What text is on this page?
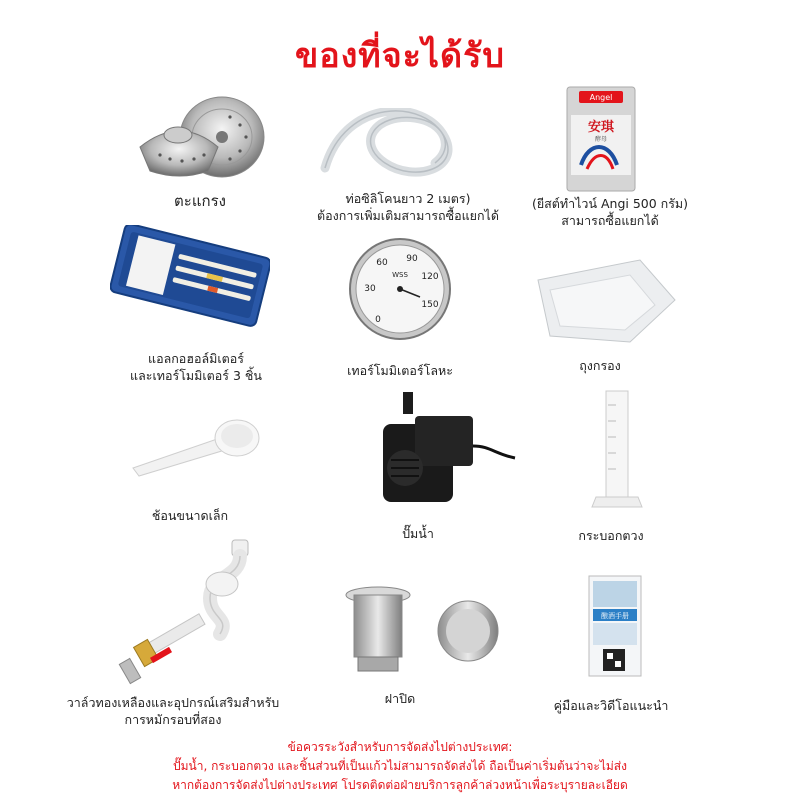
ของที่จะได้รับ
ตะแกรง	ท่อซิลิโคนยาว 2 เมตร)
ต้องการเพิ่มเติมสามารถซื้อแยกได้
安琪
Angel
酵母
(ยีสต์ทำไวน์ Angi 500 กรัม)
สามารถซื้อแยกได้
แอลกอฮอล์มิเตอร์
และเทอร์โมมิเตอร์ 3 ชิ้น
0
30
60 90
120
150
WSS
เทอร์โมมิเตอร์โลหะ	ถุงกรอง
ช้อนขนาดเล็ก
ปั๊มน้ำ	กระบอกตวง
วาล์วทองเหลืองและอุปกรณ์เสริมสำหรับ
การหมักรอบที่สอง
ฝาปิด
酿酒手册
คู่มือและวิดีโอแนะนำ
ข้อควรระวังสำหรับการจัดส่งไปต่างประเทศ:
ปั๊มน้ำ, กระบอกตวง และชิ้นส่วนที่เป็นแก้วไม่สามารถจัดส่งได้ ถือเป็นค่าเริ่มต้นว่าจะไม่ส่ง
หากต้องการจัดส่งไปต่างประเทศ โปรดติดต่อฝ่ายบริการลูกค้าล่วงหน้าเพื่อระบุรายละเอียด
